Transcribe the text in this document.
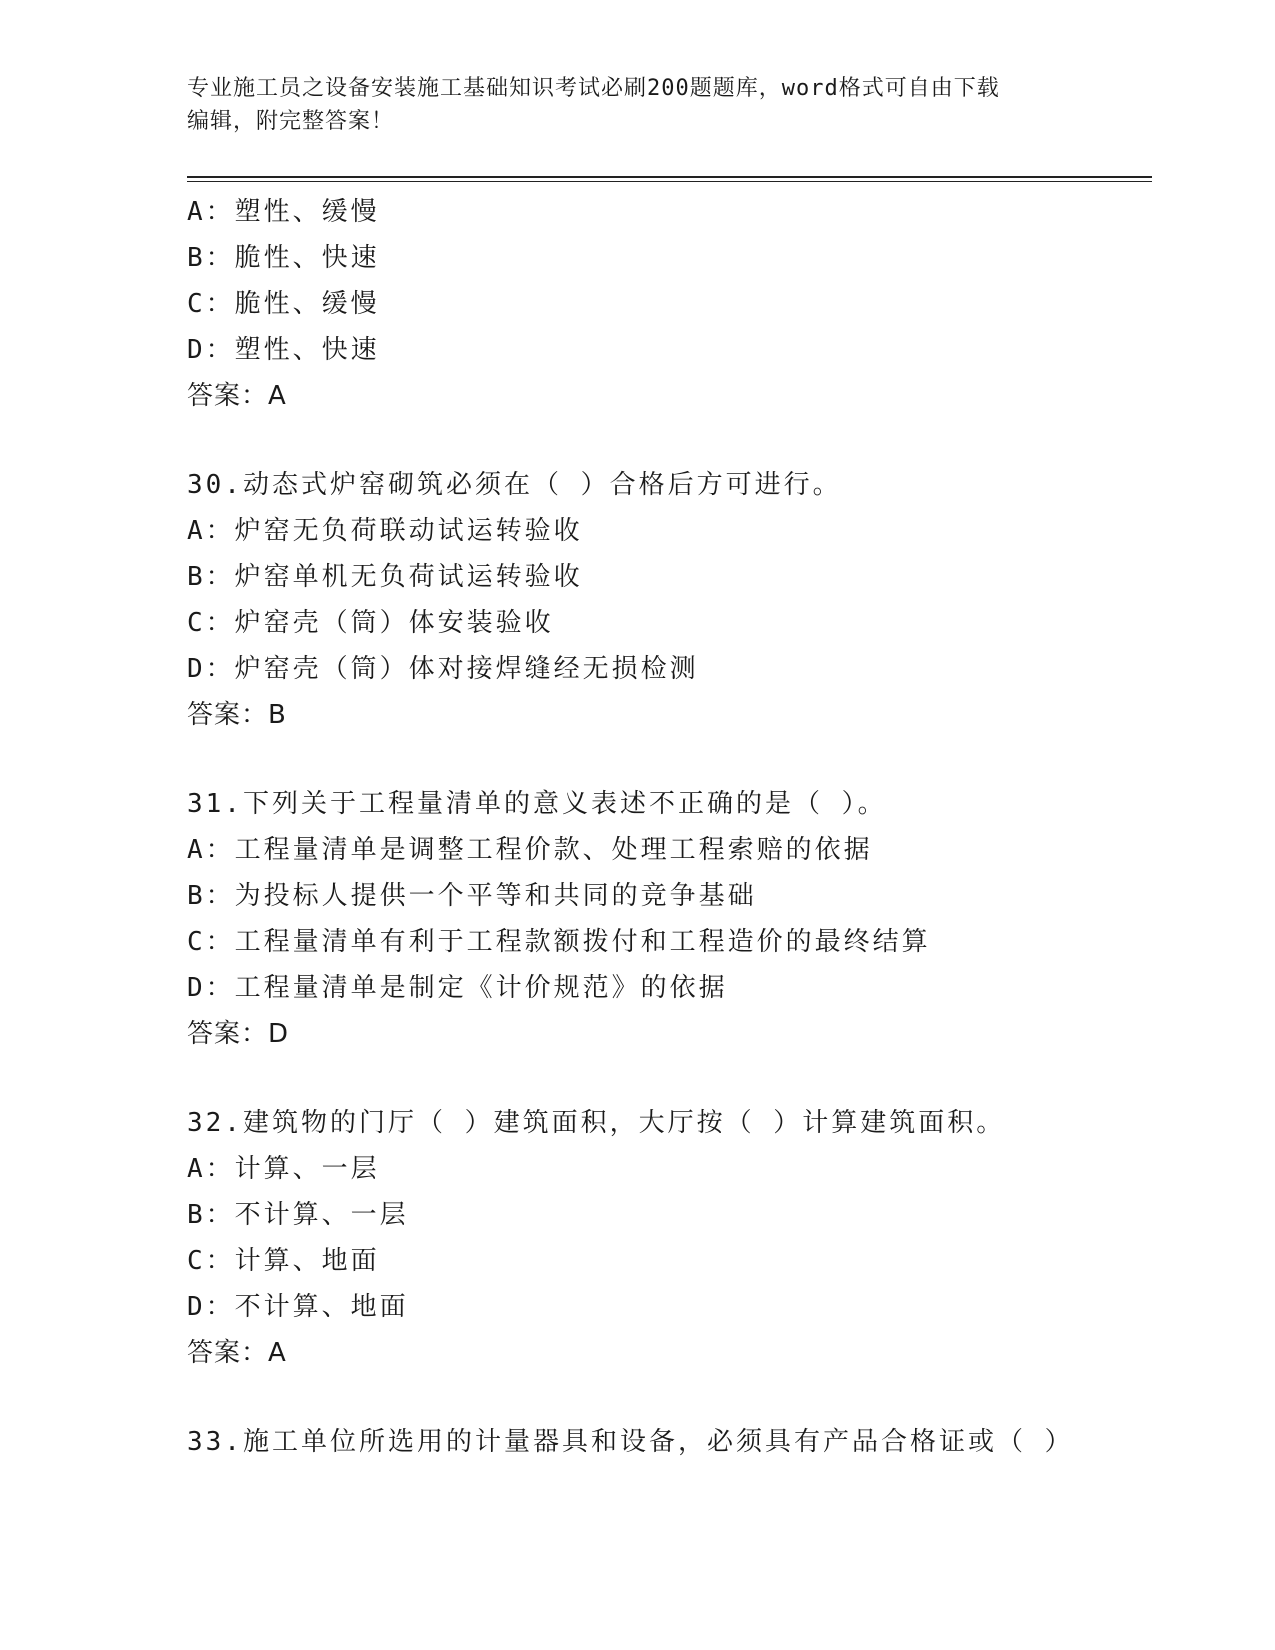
专业施工员之设备安装施工基础知识考试必刷200题题库，word格式可自由下载
编辑，附完整答案！
A：塑性、缓慢
B：脆性、快速
C：脆性、缓慢
D：塑性、快速
答案：A
30.动态式炉窑砌筑必须在（ ）合格后方可进行。
A：炉窑无负荷联动试运转验收
B：炉窑单机无负荷试运转验收
C：炉窑壳（筒）体安装验收
D：炉窑壳（筒）体对接焊缝经无损检测
答案：B
31.下列关于工程量清单的意义表述不正确的是（ ）。
A：工程量清单是调整工程价款、处理工程索赔的依据
B：为投标人提供一个平等和共同的竞争基础
C：工程量清单有利于工程款额拨付和工程造价的最终结算
D：工程量清单是制定《计价规范》的依据
答案：D
32.建筑物的门厅（ ）建筑面积，大厅按（ ）计算建筑面积。
A：计算、一层
B：不计算、一层
C：计算、地面
D：不计算、地面
答案：A
33.施工单位所选用的计量器具和设备，必须具有产品合格证或（ ）
